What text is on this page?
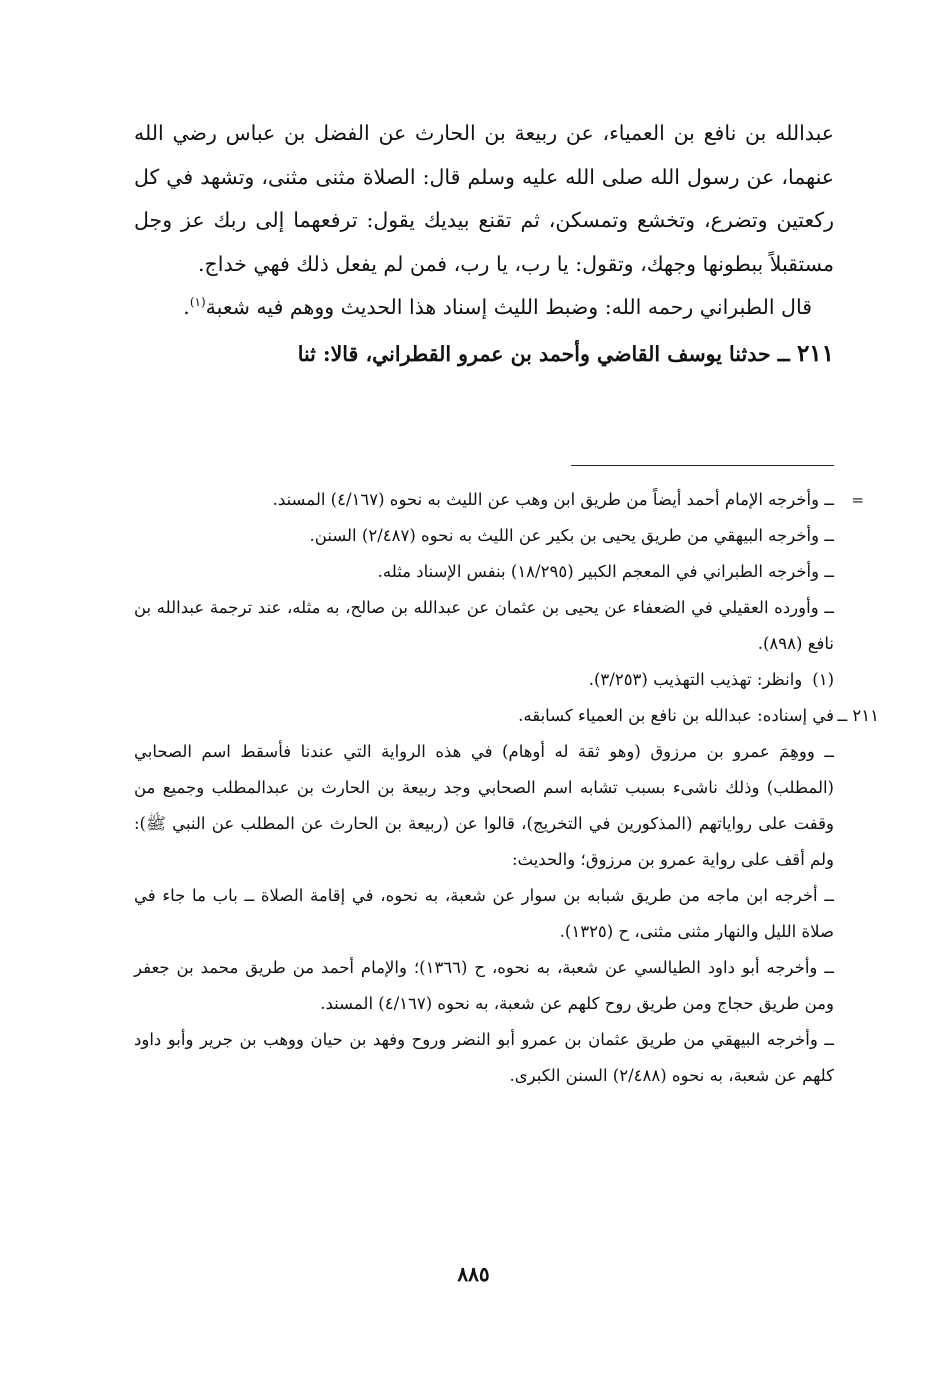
عبدالله بن نافع بن العمياء، عن ربيعة بن الحارث عن الفضل بن عباس رضي الله عنهما، عن رسول الله صلى الله عليه وسلم قال: الصلاة مثنى مثنى، وتشهد في كل ركعتين وتضرع، وتخشع وتمسكن، ثم تقنع بيديك يقول: ترفعهما إلى ربك عز وجل مستقبلاً ببطونها وجهك، وتقول: يا رب، يا رب، فمن لم يفعل ذلك فهي خداج.

قال الطبراني رحمه الله: وضبط الليث إسناد هذا الحديث ووهم فيه شعبة$^{(١)}$.

٢١١ ــ حدثنا يوسف القاضي وأحمد بن عمرو القطراني، قالا: ثنا

=

ــ وأخرجه الإمام أحمد أيضاً من طريق ابن وهب عن الليث به نحوه (٤/١٦٧) المسند.

ــ وأخرجه البيهقي من طريق يحيى بن بكير عن الليث به نحوه (٢/٤٨٧) السنن.

ــ وأخرجه الطبراني في المعجم الكبير (١٨/٢٩٥) بنفس الإسناد مثله.

ــ وأورده العقيلي في الضعفاء عن يحيى بن عثمان عن عبدالله بن صالح، به مثله، عند ترجمة عبدالله بن نافع (٨٩٨).

(١)وانظر: تهذيب التهذيب (٣/٢٥٣).

٢١١ ــ

في إسناده: عبدالله بن نافع بن العمياء كسابقه.

ــ ووهِمَ عمرو بن مرزوق (وهو ثقة له أوهام) في هذه الرواية التي عندنا فأسقط اسم الصحابي (المطلب) وذلك ناشىء بسبب تشابه اسم الصحابي وجد ربيعة بن الحارث بن عبدالمطلب وجميع من وقفت على رواياتهم (المذكورين في التخريج)، قالوا عن (ربيعة بن الحارث عن المطلب عن النبي ﷺ): ولم أقف على رواية عمرو بن مرزوق؛ والحديث:

ــ أخرجه ابن ماجه من طريق شبابه بن سوار عن شعبة، به نحوه، في إقامة الصلاة ــ باب ما جاء في صلاة الليل والنهار مثنى مثنى، ح (١٣٢٥).

ــ وأخرجه أبو داود الطيالسي عن شعبة، به نحوه، ح (١٣٦٦)؛ والإمام أحمد من طريق محمد بن جعفر ومن طريق حجاج ومن طريق روح كلهم عن شعبة، به نحوه (٤/١٦٧) المسند.

ــ وأخرجه البيهقي من طريق عثمان بن عمرو أبو النضر وروح وفهد بن حيان ووهب بن جرير وأبو داود كلهم عن شعبة، به نحوه (٢/٤٨٨) السنن الكبرى.

٨٨٥
